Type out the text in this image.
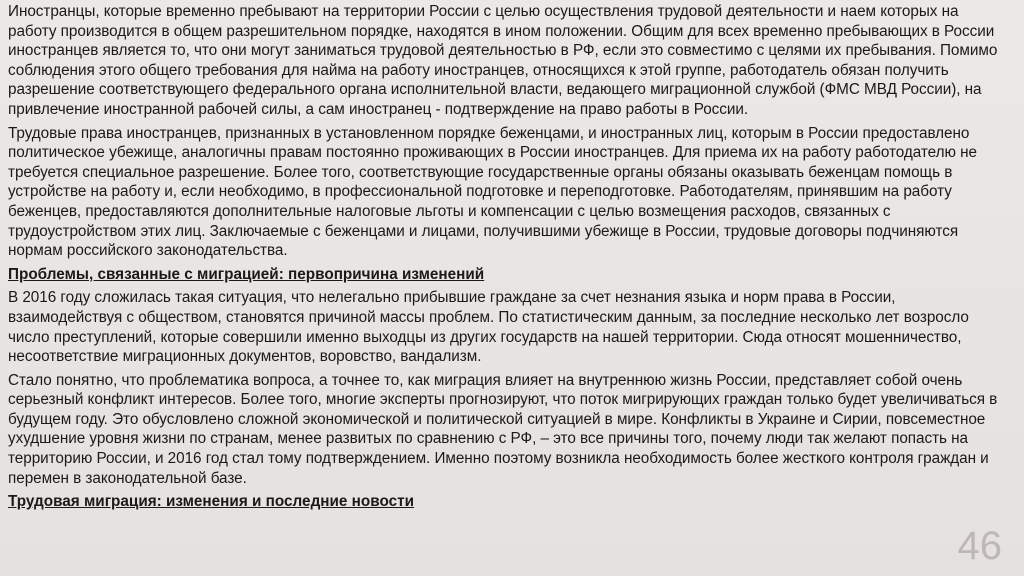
Иностранцы, которые временно пребывают на территории России с целью осуществления трудовой деятельности и наем которых на работу производится в общем разрешительном порядке, находятся в ином положении. Общим для всех временно пребывающих в России иностранцев является то, что они могут заниматься трудовой деятельностью в РФ, если это совместимо с целями их пребывания. Помимо соблюдения этого общего требования для найма на работу иностранцев, относящихся к этой группе, работодатель обязан получить разрешение соответствующего федерального органа исполнительной власти, ведающего миграционной службой (ФМС МВД России), на привлечение иностранной рабочей силы, а сам иностранец - подтверждение на право работы в России.

Трудовые права иностранцев, признанных в установленном порядке беженцами, и иностранных лиц, которым в России предоставлено политическое убежище, аналогичны правам постоянно проживающих в России иностранцев. Для приема их на работу работодателю не требуется специальное разрешение. Более того, соответствующие государственные органы обязаны оказывать беженцам помощь в устройстве на работу и, если необходимо, в профессиональной подготовке и переподготовке. Работодателям, принявшим на работу беженцев, предоставляются дополнительные налоговые льготы и компенсации с целью возмещения расходов, связанных с трудоустройством этих лиц. Заключаемые с беженцами и лицами, получившими убежище в России, трудовые договоры подчиняются нормам российского законодательства.

Проблемы, связанные с миграцией: первопричина изменений

В 2016 году сложилась такая ситуация, что нелегально прибывшие граждане за счет незнания языка и норм права в России, взаимодействуя с обществом, становятся причиной массы проблем. По статистическим данным, за последние несколько лет возросло число преступлений, которые совершили именно выходцы из других государств на нашей территории. Сюда относят мошенничество, несоответствие миграционных документов, воровство, вандализм.

Стало понятно, что проблематика вопроса, а точнее то, как миграция влияет на внутреннюю жизнь России, представляет собой очень серьезный конфликт интересов. Более того, многие эксперты прогнозируют, что поток мигрирующих граждан только будет увеличиваться в будущем году. Это обусловлено сложной экономической и политической ситуацией в мире. Конфликты в Украине и Сирии, повсеместное ухудшение уровня жизни по странам, менее развитых по сравнению с РФ, – это все причины того, почему люди так желают попасть на территорию России, и 2016 год стал тому подтверждением. Именно поэтому возникла необходимость более жесткого контроля граждан и перемен в законодательной базе.

Трудовая миграция: изменения и последние новости

46
